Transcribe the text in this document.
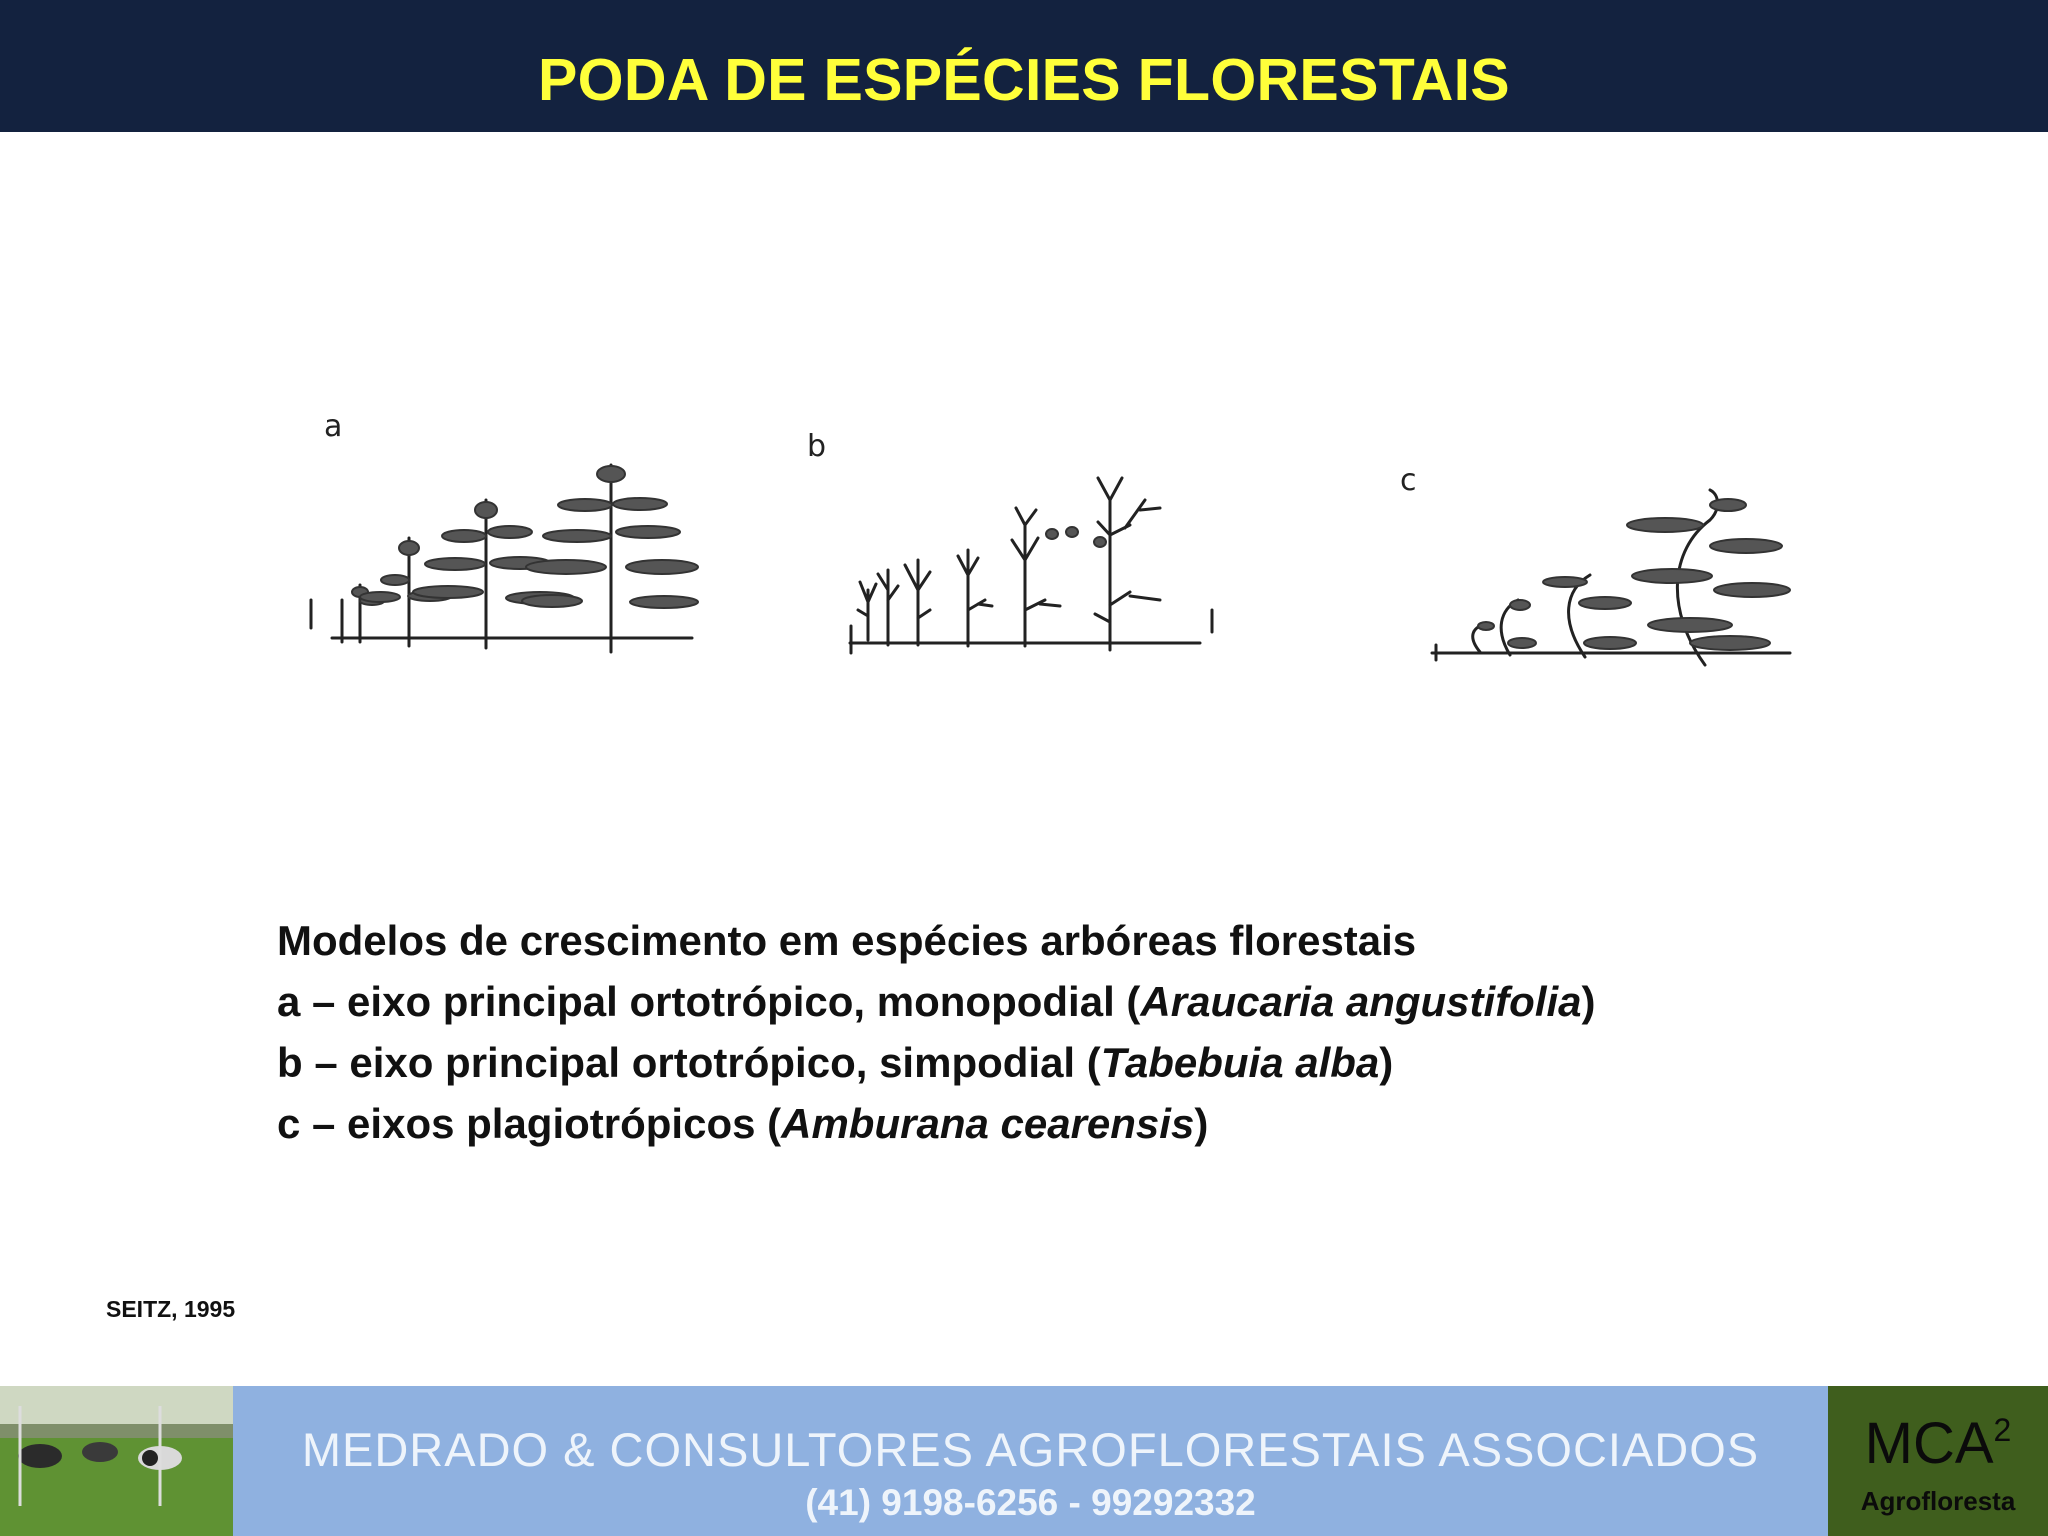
PODA DE ESPÉCIES FLORESTAIS
a
b
c
Modelos de crescimento em espécies arbóreas florestais
a – eixo principal ortotrópico, monopodial (Araucaria angustifolia)
b – eixo principal ortotrópico, simpodial (Tabebuia alba)
c – eixos plagiotrópicos (Amburana cearensis)
SEITZ, 1995
MEDRADO & CONSULTORES AGROFLORESTAIS ASSOCIADOS
(41) 9198-6256 - 99292332
MCA$^2$
Agrofloresta
